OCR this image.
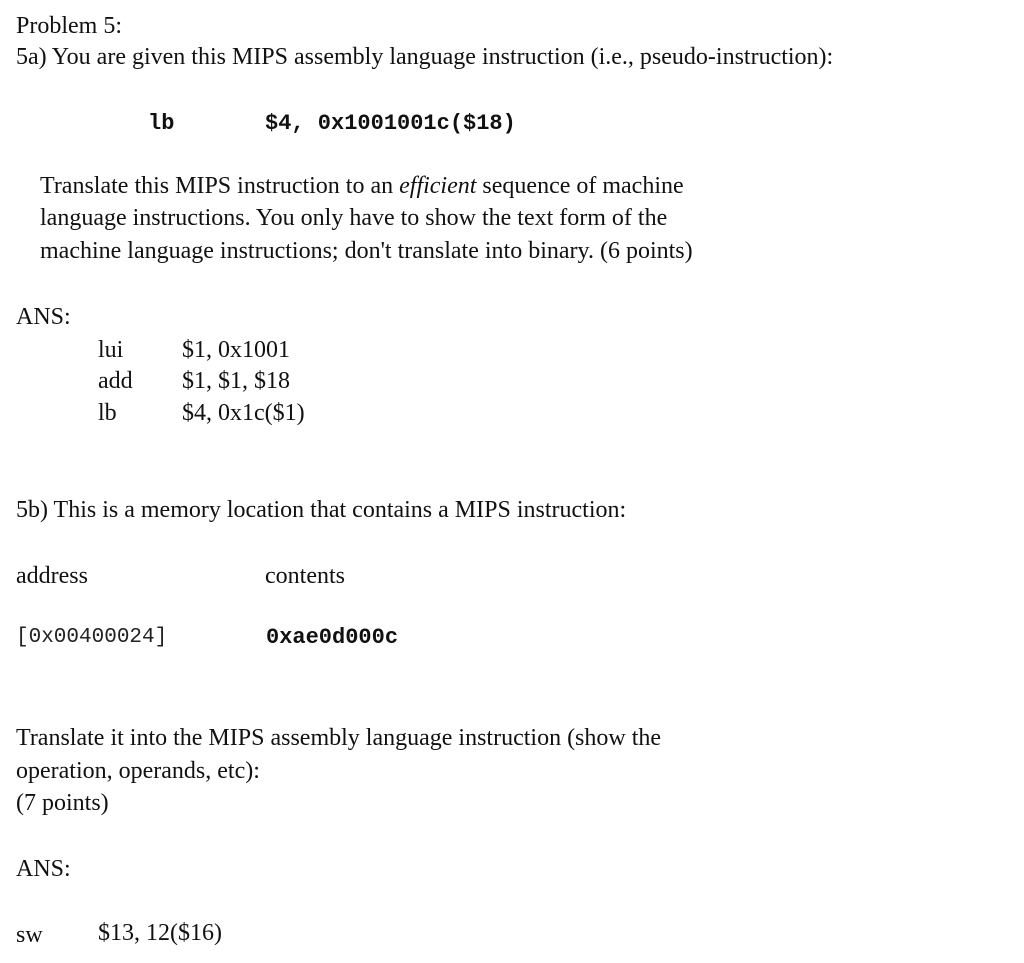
Problem 5:
5a) You are given this MIPS assembly language instruction (i.e., pseudo-instruction):
lb	$4, 0x1001001c($18)
Translate this MIPS instruction to an efficient sequence of machine
language instructions. You only have to show the text form of the
machine language instructions; don't translate into binary. (6 points)
ANS:
lui $1, 0x1001
add $1, $1, $18
lb	$4, 0x1c($1)
5b) This is a memory location that contains a MIPS instruction:
address	contents
[0x00400024]	0xae0d000c
Translate it into the MIPS assembly language instruction (show the
operation, operands, etc):
(7 points)
ANS:
sw $13, 12($16)
